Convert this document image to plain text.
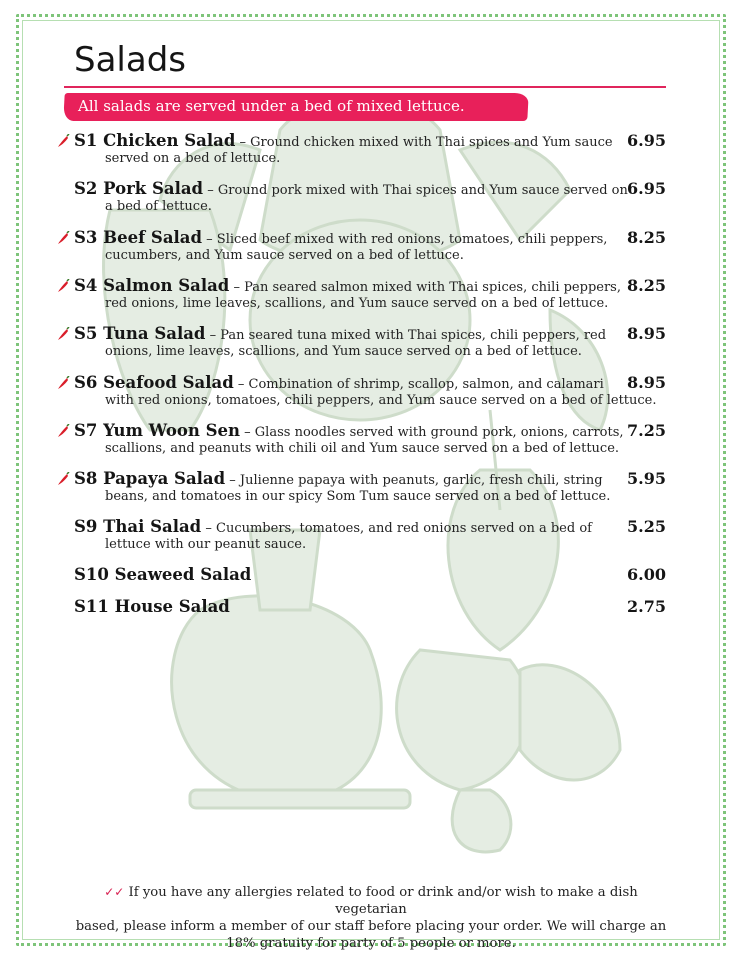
Salads
All salads are served under a bed of mixed lettuce.
S1 Chicken Salad – Ground chicken mixed with Thai spices and Yum sauce
served on a bed of lettuce.
6.95
S2 Pork Salad – Ground pork mixed with Thai spices and Yum sauce served on
a bed of lettuce.
6.95
S3 Beef Salad – Sliced beef mixed with red onions, tomatoes, chili peppers,
cucumbers, and Yum sauce served on a bed of lettuce.
8.25
S4 Salmon Salad – Pan seared salmon mixed with Thai spices, chili peppers,
red onions, lime leaves, scallions, and Yum sauce served on a bed of lettuce.
8.25
S5 Tuna Salad – Pan seared tuna mixed with Thai spices, chili peppers, red
onions, lime leaves, scallions, and Yum sauce served on a bed of lettuce.
8.95
S6 Seafood Salad – Combination of shrimp, scallop, salmon, and calamari
with red onions, tomatoes, chili peppers, and Yum sauce served on a bed of lettuce.
8.95
S7 Yum Woon Sen – Glass noodles served with ground pork, onions, carrots,
scallions, and peanuts with chili oil and Yum sauce served on a bed of lettuce.
7.25
S8 Papaya Salad – Julienne papaya with peanuts, garlic, fresh chili, string
beans, and tomatoes in our spicy Som Tum sauce served on a bed of lettuce.
5.95
S9 Thai Salad – Cucumbers, tomatoes, and red onions served on a bed of
lettuce with our peanut sauce.
5.25
S10 Seaweed Salad	6.00
S11 House Salad	2.75
✓✓ If you have any allergies related to food or drink and/or wish to make a dish vegetarian
based, please inform a member of our staff before placing your order. We will charge an
18% gratuity for party of 5 people or more.
